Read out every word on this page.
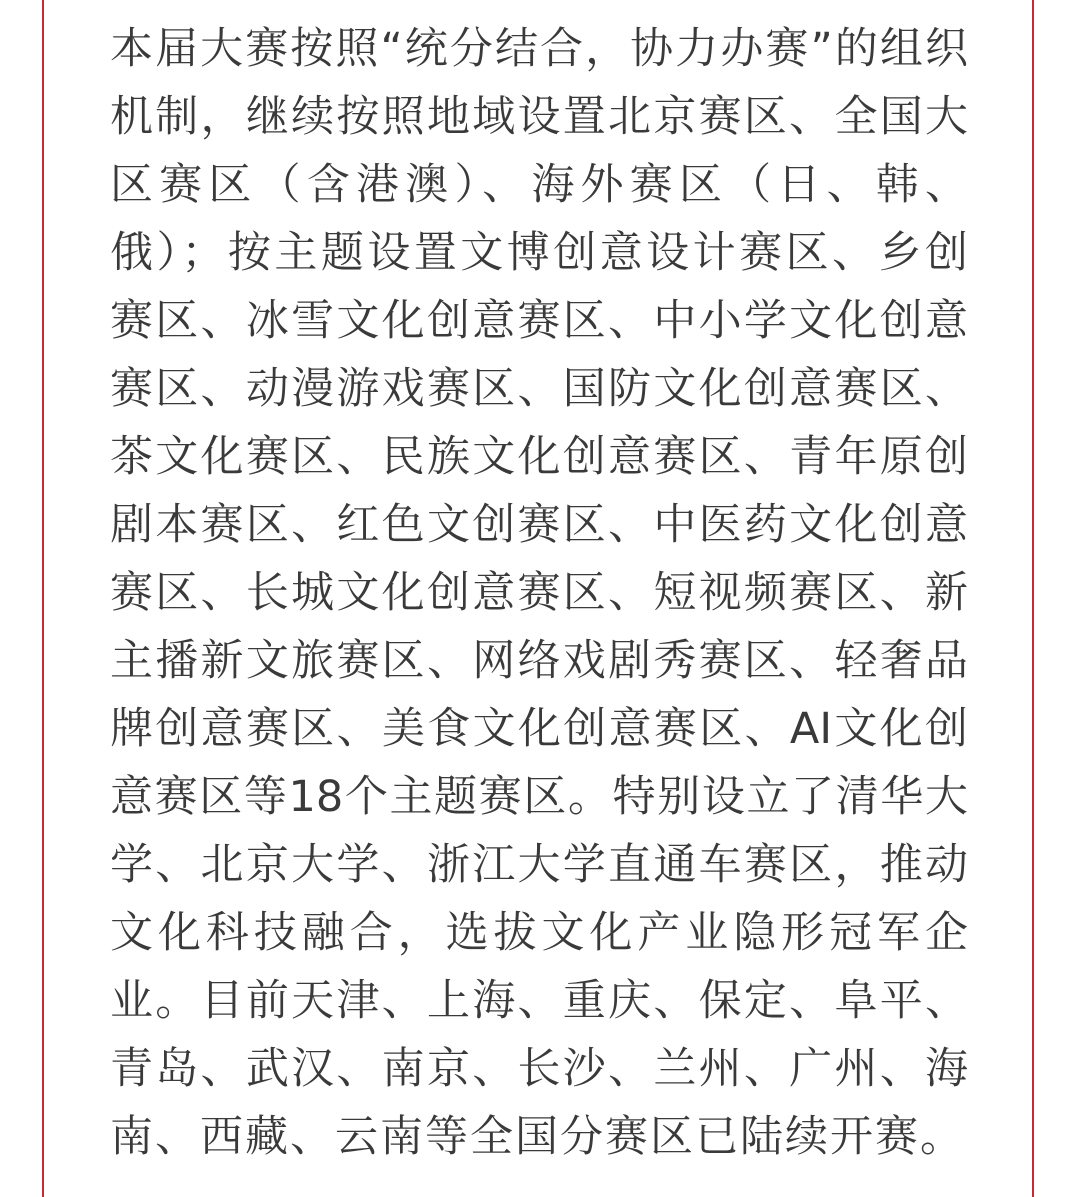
本届大赛按照“统分结合，协力办赛”的组织
机制，继续按照地域设置北京赛区、全国大
区赛区（含港澳）、海外赛区（日、韩、
俄）；按主题设置文博创意设计赛区、乡创
赛区、冰雪文化创意赛区、中小学文化创意
赛区、动漫游戏赛区、国防文化创意赛区、
茶文化赛区、民族文化创意赛区、青年原创
剧本赛区、红色文创赛区、中医药文化创意
赛区、长城文化创意赛区、短视频赛区、新
主播新文旅赛区、网络戏剧秀赛区、轻奢品
牌创意赛区、美食文化创意赛区、AI文化创
意赛区等18个主题赛区。特别设立了清华大
学、北京大学、浙江大学直通车赛区，推动
文化科技融合，选拔文化产业隐形冠军企
业。目前天津、上海、重庆、保定、阜平、
青岛、武汉、南京、长沙、兰州、广州、海
南、西藏、云南等全国分赛区已陆续开赛。
